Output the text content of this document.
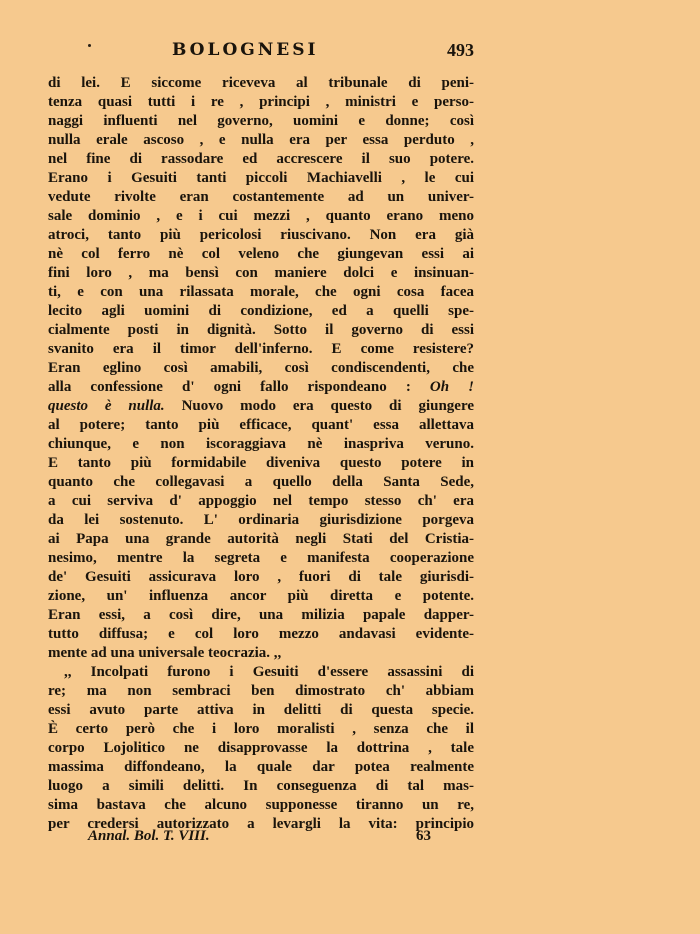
BOLOGNESI	493
di lei. E siccome riceveva al tribunale di peni-
tenza quasi tutti i re , principi , ministri e perso-
naggi influenti nel governo, uomini e donne; così
nulla erale ascoso , e nulla era per essa perduto ,
nel fine di rassodare ed accrescere il suo potere.
Erano i Gesuiti tanti piccoli Machiavelli , le cui
vedute rivolte eran costantemente ad un univer-
sale dominio , e i cui mezzi , quanto erano meno
atroci, tanto più pericolosi riuscivano. Non era già
nè col ferro nè col veleno che giungevan essi ai
fini loro , ma bensì con maniere dolci e insinuan-
ti, e con una rilassata morale, che ogni cosa facea
lecito agli uomini di condizione, ed a quelli spe-
cialmente posti in dignità. Sotto il governo di essi
svanito era il timor dell'inferno. E come resistere?
Eran eglino così amabili, così condiscendenti, che
alla confessione d' ogni fallo rispondeano : Oh !
questo è nulla. Nuovo modo era questo di giungere
al potere; tanto più efficace, quant' essa allettava
chiunque, e non iscoraggiava nè inaspriva veruno.
E tanto più formidabile diveniva questo potere in
quanto che collegavasi a quello della Santa Sede,
a cui serviva d' appoggio nel tempo stesso ch' era
da lei sostenuto. L' ordinaria giurisdizione porgeva
ai Papa una grande autorità negli Stati del Cristia-
nesimo, mentre la segreta e manifesta cooperazione
de' Gesuiti assicurava loro , fuori di tale giurisdi-
zione, un' influenza ancor più diretta e potente.
Eran essi, a così dire, una milizia papale dapper-
tutto diffusa; e col loro mezzo andavasi evidente-
mente ad una universale teocrazia. ,,
,, Incolpati furono i Gesuiti d'essere assassini di
re; ma non sembraci ben dimostrato ch' abbiam
essi avuto parte attiva in delitti di questa specie.
È certo però che i loro moralisti , senza che il
corpo Lojolitico ne disapprovasse la dottrina , tale
massima diffondeano, la quale dar potea realmente
luogo a simili delitti. In conseguenza di tal mas-
sima bastava che alcuno supponesse tiranno un re,
per credersi autorizzato a levargli la vita: principio
Annal. Bol. T. VIII.	63
